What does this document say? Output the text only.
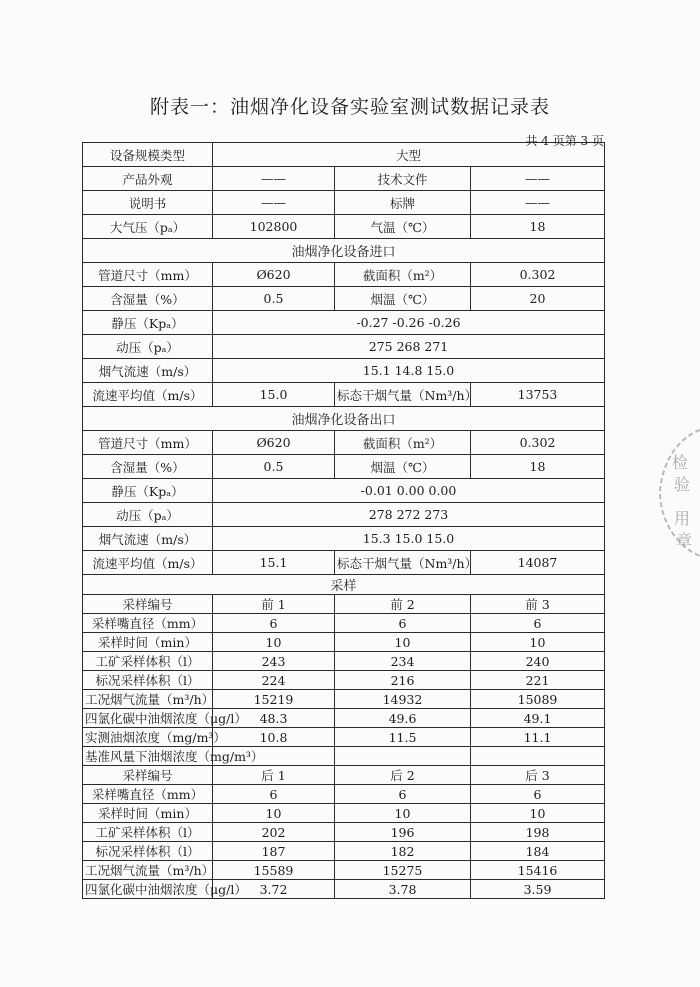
附表一：油烟净化设备实验室测试数据记录表
共 4 页第 3 页
设备规模类型	大型		
产品外观	——	技术文件	——
说明书	——	标牌	——
大气压（pₐ）	102800	气温（℃）	18
油烟净化设备进口			
管道尺寸（mm）	Ø620	截面积（m²）	0.302
含湿量（%）	0.5	烟温（℃）	20
静压（Kpₐ）	-0.27 -0.26 -0.26		
动压（pₐ）	275 268 271		
烟气流速（m/s）	15.1 14.8 15.0		
流速平均值（m/s）	15.0	标态干烟气量（Nm³/h）	13753
油烟净化设备出口			
管道尺寸（mm）	Ø620	截面积（m²）	0.302
含湿量（%）	0.5	烟温（℃）	18
静压（Kpₐ）	-0.01 0.00 0.00		
动压（pₐ）	278 272 273		
烟气流速（m/s）	15.3 15.0 15.0		
流速平均值（m/s）	15.1	标态干烟气量（Nm³/h）	14087
采样			
采样编号	前 1	前 2	前 3
采样嘴直径（mm）	6	6	6
采样时间（min）	10	10	10
工矿采样体积（l）	243	234	240
标况采样体积（l）	224	216	221
工况烟气流量（m³/h）	15219	14932	15089
四氯化碳中油烟浓度（μg/l）	48.3	49.6	49.1
实测油烟浓度（mg/m³）	10.8	11.5	11.1
基准风量下油烟浓度（mg/m³）			
采样编号	后 1	后 2	后 3
采样嘴直径（mm）	6	6	6
采样时间（min）	10	10	10
工矿采样体积（l）	202	196	198
标况采样体积（l）	187	182	184
工况烟气流量（m³/h）	15589	15275	15416
四氯化碳中油烟浓度（μg/l）	3.72	3.78	3.59
检
验
用
章
